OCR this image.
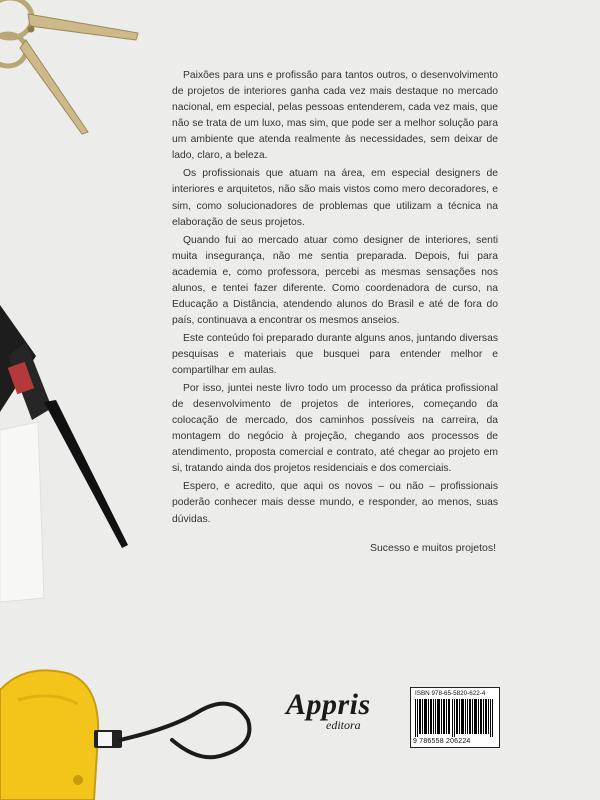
Paixões para uns e profissão para tantos outros, o desenvolvimento de projetos de interiores ganha cada vez mais destaque no mercado nacional, em especial, pelas pessoas entenderem, cada vez mais, que não se trata de um luxo, mas sim, que pode ser a melhor solução para um ambiente que atenda realmente às necessidades, sem deixar de lado, claro, a beleza.

Os profissionais que atuam na área, em especial designers de interiores e arquitetos, não são mais vistos como mero decoradores, e sim, como solucionadores de problemas que utilizam a técnica na elaboração de seus projetos.

Quando fui ao mercado atuar como designer de interiores, senti muita insegurança, não me sentia preparada. Depois, fui para academia e, como professora, percebi as mesmas sensações nos alunos, e tentei fazer diferente. Como coordenadora de curso, na Educação a Distância, atendendo alunos do Brasil e até de fora do país, continuava a encontrar os mesmos anseios.

Este conteúdo foi preparado durante alguns anos, juntando diversas pesquisas e materiais que busquei para entender melhor e compartilhar em aulas.

Por isso, juntei neste livro todo um processo da prática profissional de desenvolvimento de projetos de interiores, começando da colocação de mercado, dos caminhos possíveis na carreira, da montagem do negócio à projeção, chegando aos processos de atendimento, proposta comercial e contrato, até chegar ao projeto em si, tratando ainda dos projetos residenciais e dos comerciais.

Espero, e acredito, que aqui os novos – ou não – profissionais poderão conhecer mais desse mundo, e responder, ao menos, suas dúvidas.

Sucesso e muitos projetos!
Appris
editora
ISBN 978-65-5820-622-4
9 786558 206224
